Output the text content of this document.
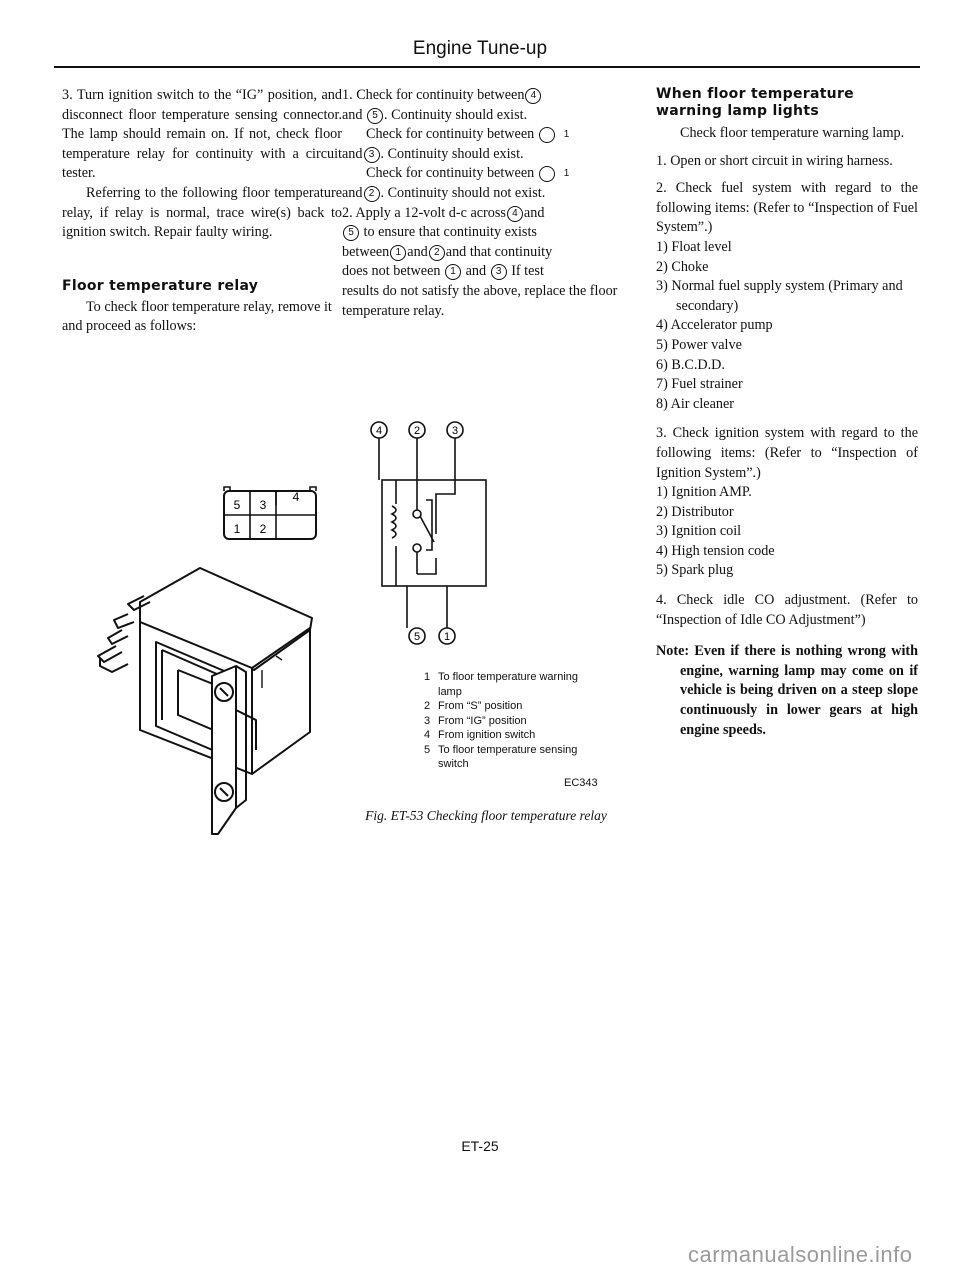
Engine Tune-up

3. Turn ignition switch to the “IG” position, and disconnect floor temperature sensing connector. The lamp should remain on. If not, check floor temperature relay for continuity with a circuit tester.

Referring to the following floor temperature relay, if relay is normal, trace wire(s) back to ignition switch. Repair faulty wiring.

Floor temperature relay

To check floor temperature relay, remove it and proceed as follows:

5 3
4
1 2

1. Check for continuity between 4

and 5 . Continuity should exist.

Check for continuity between	1

and 3 . Continuity should exist.

Check for continuity between	1

and 2 . Continuity should not exist.

2. Apply a 12-volt d-c across 4 and

5 to ensure that continuity exists

between 1 and 2 and that continuity

does not between 1 and 3 If test

results do not satisfy the above, replace the floor temperature relay.

4	2	3
5 1
1 To floor temperature warning lamp
2 From “S” position
3 From “IG” position
4 From ignition switch
5 To floor temperature sensing switch
EC343
Fig. ET-53 Checking floor temperature relay
When floor temperature warning lamp lights

Check floor temperature warning lamp.

1. Open or short circuit in wiring harness.

2. Check fuel system with regard to the following items: (Refer to “Inspection of Fuel System”.)

1) Float level
2) Choke
3) Normal fuel supply system (Primary and secondary)
4) Accelerator pump
5) Power valve
6) B.C.D.D.
7) Fuel strainer
8) Air cleaner

3. Check ignition system with regard to the following items: (Refer to “Inspection of Ignition System”.)

1) Ignition AMP.
2) Distributor
3) Ignition coil
4) High tension code
5) Spark plug

4. Check idle CO adjustment. (Refer to “Inspection of Idle CO Adjustment”)

Note: Even if there is nothing wrong with engine, warning lamp may come on if vehicle is being driven on a steep slope continuously in lower gears at high engine speeds.

ET-25
carmanualsonline.info
